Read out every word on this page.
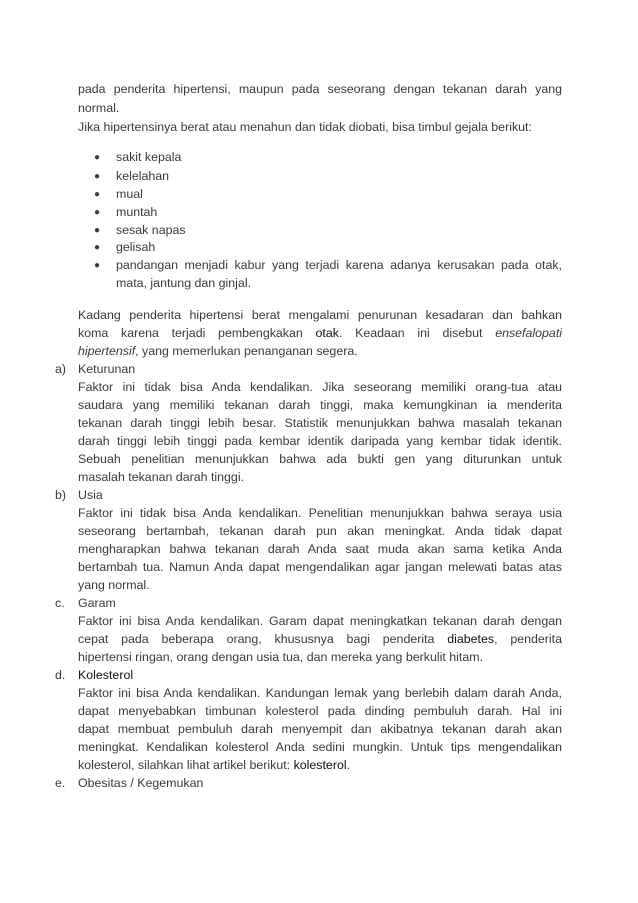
pada penderita hipertensi, maupun pada seseorang dengan tekanan darah yang
normal.
Jika hipertensinya berat atau menahun dan tidak diobati, bisa timbul gejala berikut:
● sakit kepala
● kelelahan
● mual
● muntah
● sesak napas
● gelisah
● pandangan menjadi kabur yang terjadi karena adanya kerusakan pada otak,
mata, jantung dan ginjal.
Kadang penderita hipertensi berat mengalami penurunan kesadaran dan bahkan
koma karena terjadi pembengkakan otak. Keadaan ini disebut ensefalopati
hipertensif, yang memerlukan penanganan segera.
a) Keturunan
Faktor ini tidak bisa Anda kendalikan. Jika seseorang memiliki orang-tua atau
saudara yang memiliki tekanan darah tinggi, maka kemungkinan ia menderita
tekanan darah tinggi lebih besar. Statistik menunjukkan bahwa masalah tekanan
darah tinggi lebih tinggi pada kembar identik daripada yang kembar tidak identik.
Sebuah penelitian menunjukkan bahwa ada bukti gen yang diturunkan untuk
masalah tekanan darah tinggi.
b) Usia
Faktor ini tidak bisa Anda kendalikan. Penelitian menunjukkan bahwa seraya usia
seseorang bertambah, tekanan darah pun akan meningkat. Anda tidak dapat
mengharapkan bahwa tekanan darah Anda saat muda akan sama ketika Anda
bertambah tua. Namun Anda dapat mengendalikan agar jangan melewati batas atas
yang normal.
c. Garam
Faktor ini bisa Anda kendalikan. Garam dapat meningkatkan tekanan darah dengan
cepat pada beberapa orang, khususnya bagi penderita diabetes, penderita
hipertensi ringan, orang dengan usia tua, dan mereka yang berkulit hitam.
d. Kolesterol
Faktor ini bisa Anda kendalikan. Kandungan lemak yang berlebih dalam darah Anda,
dapat menyebabkan timbunan kolesterol pada dinding pembuluh darah. Hal ini
dapat membuat pembuluh darah menyempit dan akibatnya tekanan darah akan
meningkat. Kendalikan kolesterol Anda sedini mungkin. Untuk tips mengendalikan
kolesterol, silahkan lihat artikel berikut: kolesterol.
e. Obesitas / Kegemukan
